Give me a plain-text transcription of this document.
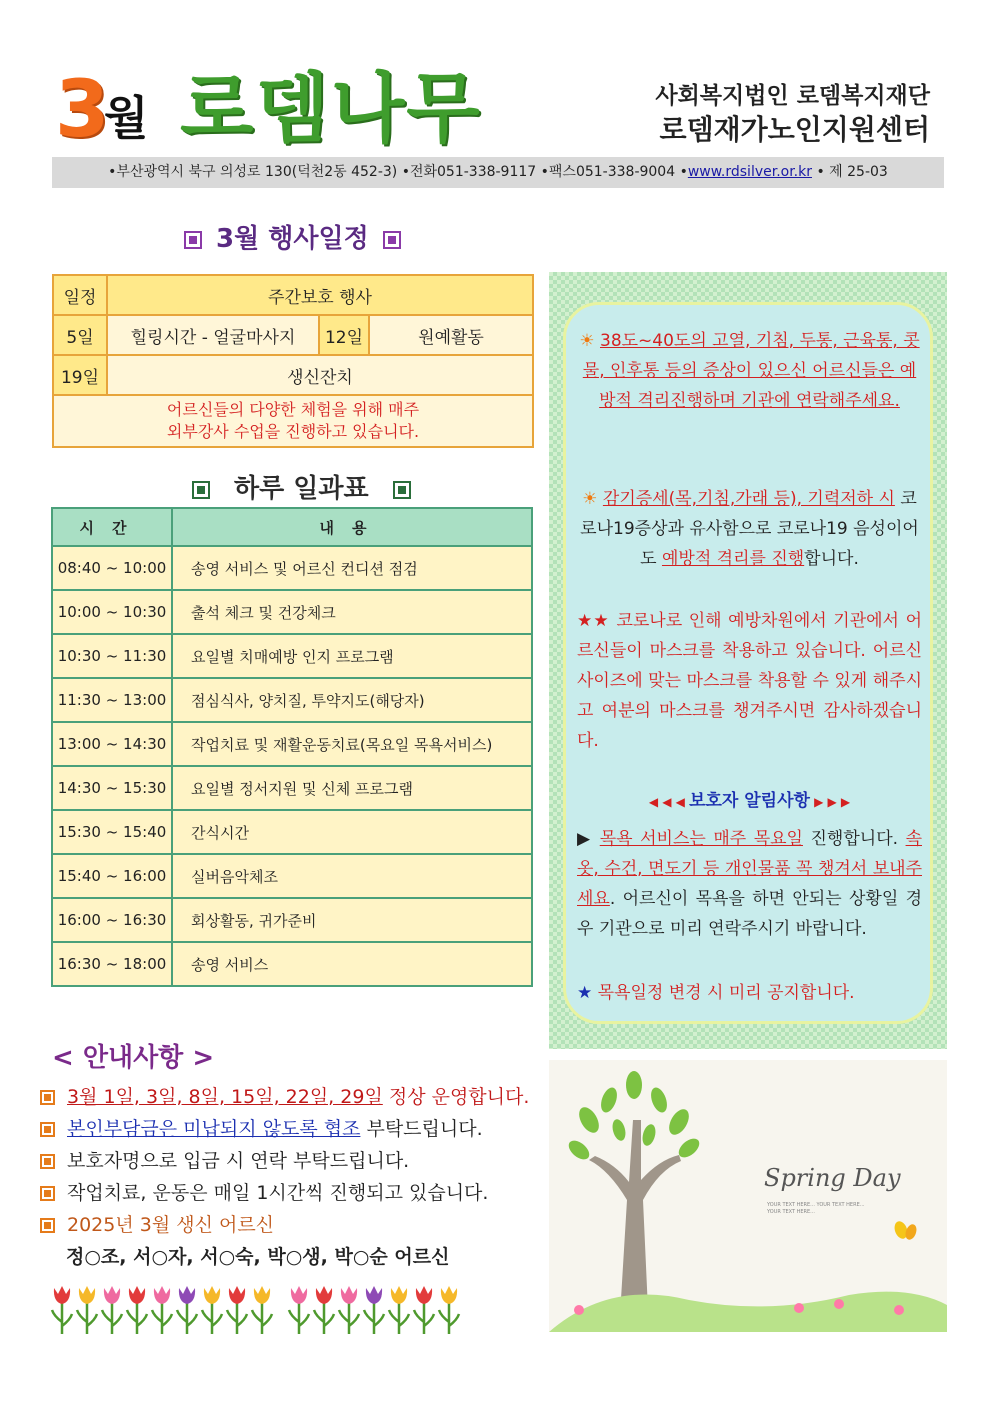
3
월 로뎀나무	사회복지법인 로뎀복지재단
로뎀재가노인지원센터
•부산광역시 북구 의성로 130(덕천2동 452-3) •전화051-338-9117 •팩스051-338-9004 •www.rdsilver.or.kr • 제 25-03
3월 행사일정
일정	주간보호 행사		
5일	힐링시간 - 얼굴마사지	12일	원예활동
19일	생신잔치		
어르신들의 다양한 체험을 위해 매주
외부강사 수업을 진행하고 있습니다.			
하루 일과표
시간	내용
08:40 ~ 10:00	송영 서비스 및 어르신 컨디션 점검
10:00 ~ 10:30	출석 체크 및 건강체크
10:30 ~ 11:30	요일별 치매예방 인지 프로그램
11:30 ~ 13:00	점심식사, 양치질, 투약지도(해당자)
13:00 ~ 14:30	작업치료 및 재활운동치료(목요일 목욕서비스)
14:30 ~ 15:30	요일별 정서지원 및 신체 프로그램
15:30 ~ 15:40	간식시간
15:40 ~ 16:00	실버음악체조
16:00 ~ 16:30	회상활동, 귀가준비
16:30 ~ 18:00	송영 서비스
☀ 38도~40도의 고열, 기침, 두통, 근육통, 콧물, 인후통 등의 증상이 있으신 어르신들은 예방적 격리진행하며 기관에 연락해주세요.
☀ 감기증세(목,기침,가래 등), 기력저하 시 코로나19증상과 유사함으로 코로나19 음성이어도 예방적 격리를 진행합니다.
★★ 코로나로 인해 예방차원에서 기관에서 어르신들이 마스크를 착용하고 있습니다. 어르신 사이즈에 맞는 마스크를 착용할 수 있게 해주시고 여분의 마스크를 챙겨주시면 감사하겠습니다.
◀ ◀ ◀ 보호자 알림사항 ▶ ▶ ▶
▶ 목욕 서비스는 매주 목요일 진행합니다. 속옷, 수건, 면도기 등 개인물품 꼭 챙겨서 보내주세요. 어르신이 목욕을 하면 안되는 상황일 경우 기관으로 미리 연락주시기 바랍니다.
★ 목욕일정 변경 시 미리 공지합니다.
< 안내사항 >
3월 1일, 3일, 8일, 15일, 22일, 29일 정상 운영합니다.
본인부담금은 미납되지 않도록 협조 부탁드립니다.
보호자명으로 입금 시 연락 부탁드립니다.
작업치료, 운동은 매일 1시간씩 진행되고 있습니다.
2025년 3월 생신 어르신
정○조, 서○자, 서○숙, 박○생, 박○순 어르신
Spring Day
YOUR TEXT HERE... YOUR TEXT HERE...
YOUR TEXT HERE...
